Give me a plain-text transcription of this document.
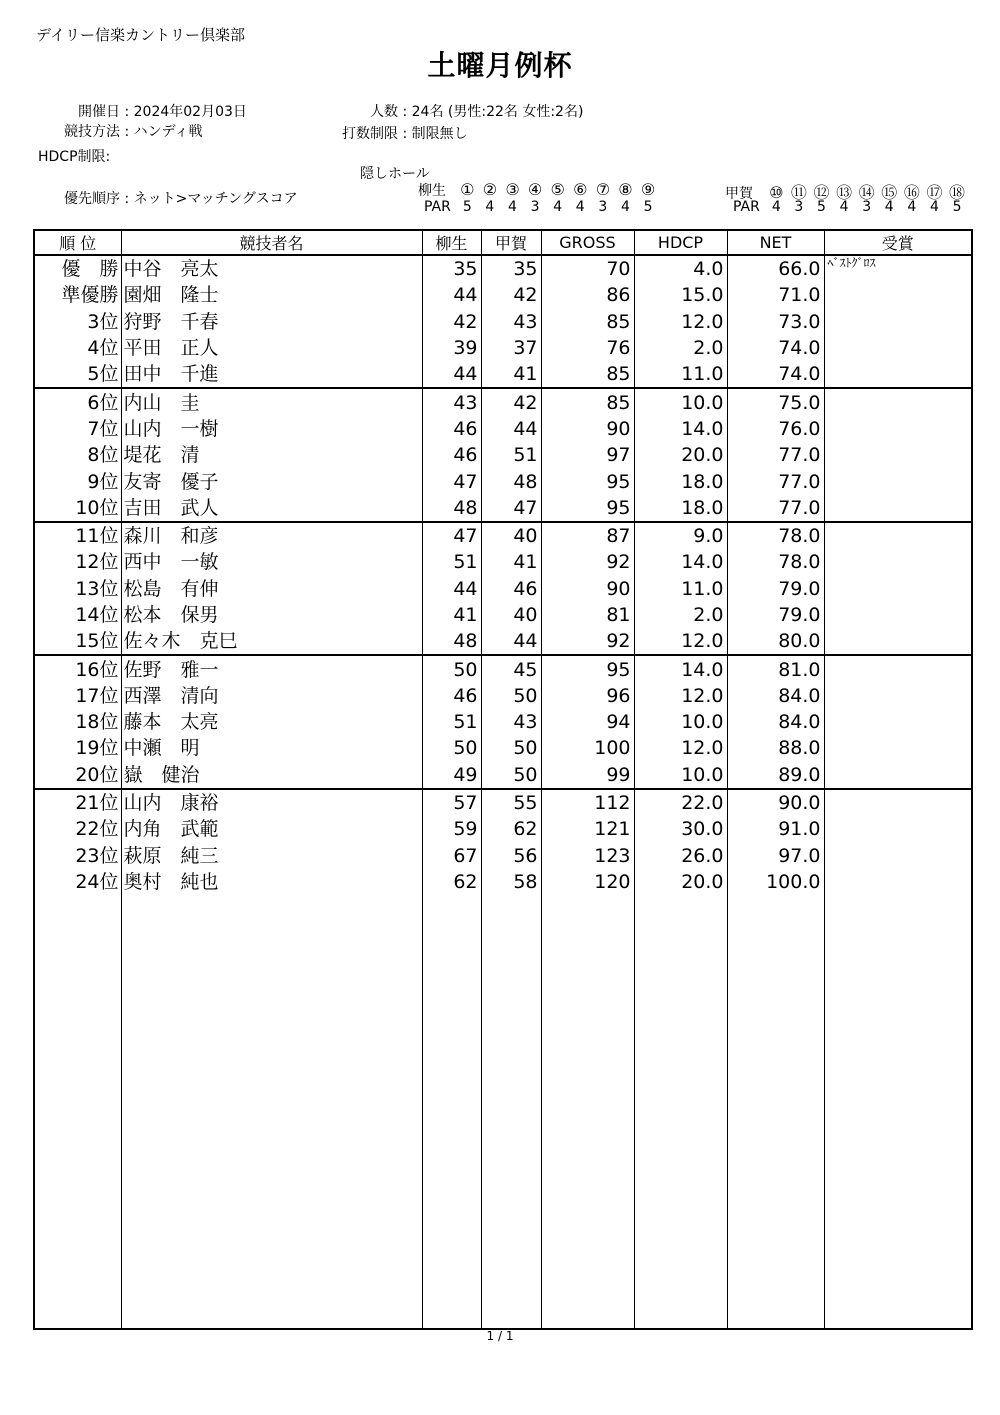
デイリー信楽カントリー倶楽部
土曜月例杯
開催日 : 2024年02月03日
競技方法 : ハンディ戦
HDCP制限:
人数 : 24名 (男性:22名 女性:2名)
打数制限 : 制限無し
隠しホール
優先順序 : ネット>マッチングスコア	柳生 ① ② ③ ④ ⑤ ⑥ ⑦ ⑧ ⑨
PAR 5 4 4 3 4 4 3 4 5
甲賀 ⑩ ⑪ ⑫ ⑬ ⑭ ⑮ ⑯ ⑰ ⑱
PAR 4 3 5 4 3 4 4 4 5
順 位	競技者名	柳生	甲賀	GROSS	HDCP	NET	受賞
優　勝	中谷　亮太	35	35	70	4.0	66.0	ﾍﾞｽﾄｸﾞﾛｽ
準優勝	園畑　隆士	44	42	86	15.0	71.0	
3位	狩野　千春	42	43	85	12.0	73.0	
4位	平田　正人	39	37	76	2.0	74.0	
5位	田中　千進	44	41	85	11.0	74.0	
6位	内山　圭	43	42	85	10.0	75.0	
7位	山内　一樹	46	44	90	14.0	76.0	
8位	堤花　清	46	51	97	20.0	77.0	
9位	友寄　優子	47	48	95	18.0	77.0	
10位	吉田　武人	48	47	95	18.0	77.0	
11位	森川　和彦	47	40	87	9.0	78.0	
12位	西中　一敏	51	41	92	14.0	78.0	
13位	松島　有伸	44	46	90	11.0	79.0	
14位	松本　保男	41	40	81	2.0	79.0	
15位	佐々木　克巳	48	44	92	12.0	80.0	
16位	佐野　雅一	50	45	95	14.0	81.0	
17位	西澤　清向	46	50	96	12.0	84.0	
18位	藤本　太亮	51	43	94	10.0	84.0	
19位	中瀬　明	50	50	100	12.0	88.0	
20位	嶽　健治	49	50	99	10.0	89.0	
21位	山内　康裕	57	55	112	22.0	90.0	
22位	内角　武範	59	62	121	30.0	91.0	
23位	萩原　純三	67	56	123	26.0	97.0	
24位	奥村　純也	62	58	120	20.0	100.0	

1 / 1
